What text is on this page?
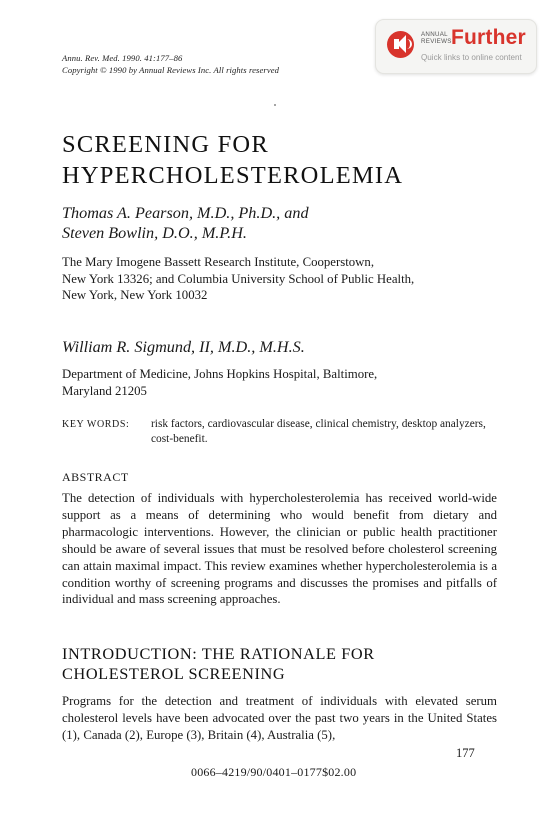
Annu. Rev. Med. 1990. 41:177–86
Copyright © 1990 by Annual Reviews Inc. All rights reserved
ANNUAL
REVIEWS Further
Quick links to online content
SCREENING FOR
HYPERCHOLESTEROLEMIA
Thomas A. Pearson, M.D., Ph.D., and
Steven Bowlin, D.O., M.P.H.
The Mary Imogene Bassett Research Institute, Cooperstown,
New York 13326; and Columbia University School of Public Health,
New York, New York 10032
William R. Sigmund, II, M.D., M.H.S.
Department of Medicine, Johns Hopkins Hospital, Baltimore,
Maryland 21205
KEY WORDS: risk factors, cardiovascular disease, clinical chemistry, desktop analyzers, cost-benefit.
ABSTRACT
The detection of individuals with hypercholesterolemia has received world-wide support as a means of determining who would benefit from dietary and pharmacologic interventions. However, the clinician or public health practitioner should be aware of several issues that must be resolved before cholesterol screening can attain maximal impact. This review examines whether hypercholesterolemia is a condition worthy of screening programs and discusses the promises and pitfalls of individual and mass screening approaches.
INTRODUCTION: THE RATIONALE FOR
CHOLESTEROL SCREENING
Programs for the detection and treatment of individuals with elevated serum cholesterol levels have been advocated over the past two years in the United States (1), Canada (2), Europe (3), Britain (4), Australia (5),
177
0066–4219/90/0401–0177$02.00
